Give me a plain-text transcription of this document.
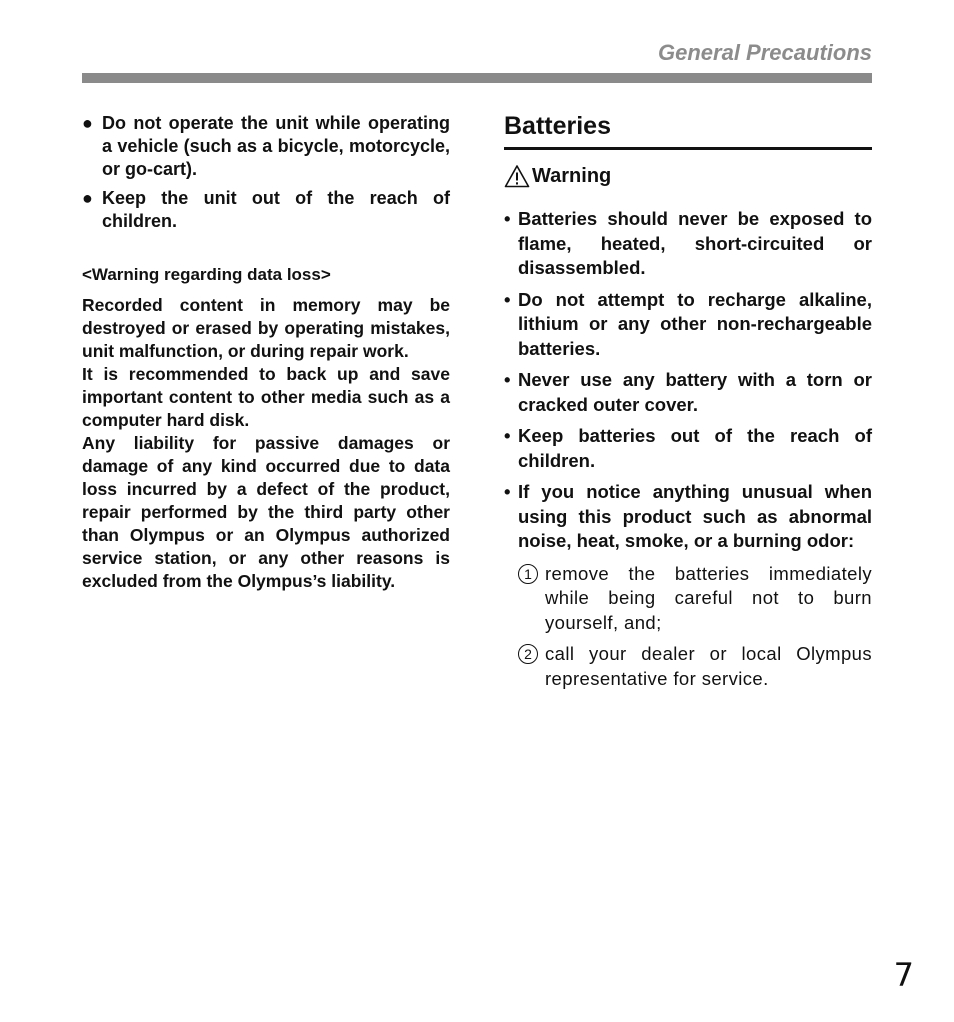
General Precautions
● Do not operate the unit while operating a vehicle (such as a bicycle, motorcycle, or go-cart).
● Keep the unit out of the reach of children.
<Warning regarding data loss>
Recorded content in memory may be destroyed or erased by operating mistakes, unit malfunction, or during repair work.
It is recommended to back up and save important content to other media such as a computer hard disk.
Any liability for passive damages or damage of any kind occurred due to data loss incurred by a defect of the product, repair performed by the third party other than Olympus or an Olympus authorized service station, or any other reasons is excluded from the Olympus’s liability.
Batteries
Warning
• Batteries should never be exposed to flame, heated, short-circuited or disassembled.
• Do not attempt to recharge alkaline, lithium or any other non-rechargeable batteries.
• Never use any battery with a torn or cracked outer cover.
• Keep batteries out of the reach of children.
• If you notice anything unusual when using this product such as abnormal noise, heat, smoke, or a burning odor:
1 remove the batteries immediately while being careful not to burn yourself, and;
2 call your dealer or local Olympus representative for service.
7
